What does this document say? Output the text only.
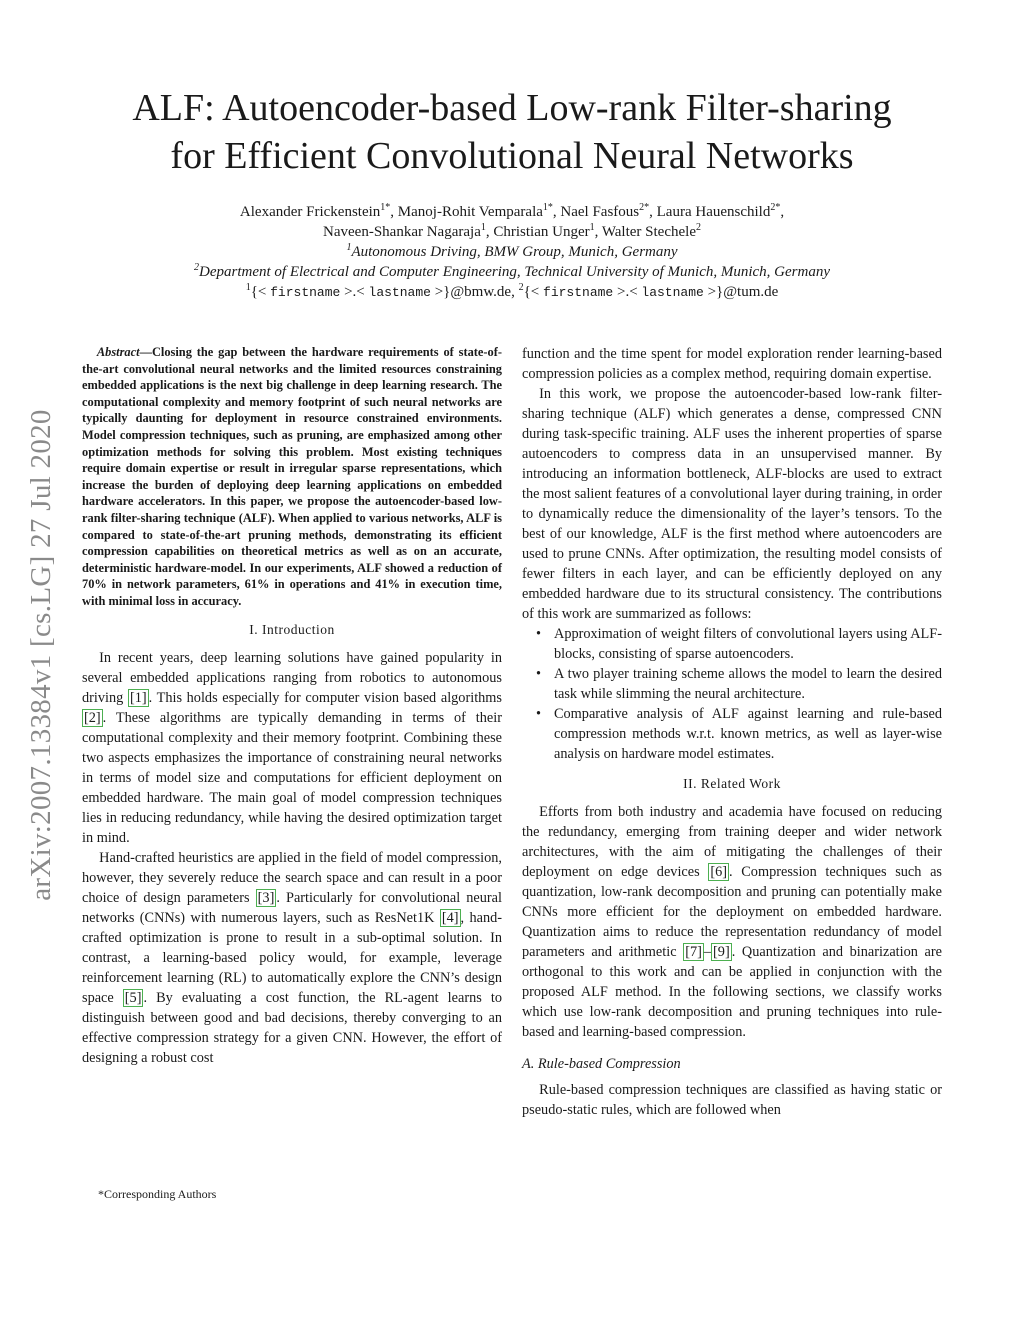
arXiv:2007.13384v1 [cs.LG] 27 Jul 2020
ALF: Autoencoder-based Low-rank Filter-sharing
for Efficient Convolutional Neural Networks
Alexander Frickenstein$^{1*}$, Manoj-Rohit Vemparala$^{1*}$, Nael Fasfous$^{2*}$, Laura Hauenschild$^{2*}$,
Naveen-Shankar Nagaraja$^1$, Christian Unger$^1$, Walter Stechele$^2$
$^1$Autonomous Driving, BMW Group, Munich, Germany
$^2$Department of Electrical and Computer Engineering, Technical University of Munich, Munich, Germany
$^1${< firstname >.< lastname >}@bmw.de, $^2${< firstname >.< lastname >}@tum.de

Abstract—Closing the gap between the hardware requirements of state-of-the-art convolutional neural networks and the limited resources constraining embedded applications is the next big challenge in deep learning research. The computational complexity and memory footprint of such neural networks are typically daunting for deployment in resource constrained environments. Model compression techniques, such as pruning, are emphasized among other optimization methods for solving this problem. Most existing techniques require domain expertise or result in irregular sparse representations, which increase the burden of deploying deep learning applications on embedded hardware accelerators. In this paper, we propose the autoencoder-based low-rank filter-sharing technique (ALF). When applied to various networks, ALF is compared to state-of-the-art pruning methods, demonstrating its efficient compression capabilities on theoretical metrics as well as on an accurate, deterministic hardware-model. In our experiments, ALF showed a reduction of 70% in network parameters, 61% in operations and 41% in execution time, with minimal loss in accuracy.

I. Introduction

In recent years, deep learning solutions have gained popularity in several embedded applications ranging from robotics to autonomous driving [1] . This holds especially for computer vision based algorithms [2] . These algorithms are typically demanding in terms of their computational complexity and their memory footprint. Combining these two aspects emphasizes the importance of constraining neural networks in terms of model size and computations for efficient deployment on embedded hardware. The main goal of model compression techniques lies in reducing redundancy, while having the desired optimization target in mind.

Hand-crafted heuristics are applied in the field of model compression, however, they severely reduce the search space and can result in a poor choice of design parameters [3] . Particularly for convolutional neural networks (CNNs) with numerous layers, such as ResNet1K [4] , hand-crafted optimization is prone to result in a sub-optimal solution. In contrast, a learning-based policy would, for example, leverage reinforcement learning (RL) to automatically explore the CNN’s design space [5] . By evaluating a cost function, the RL-agent learns to distinguish between good and bad decisions, thereby converging to an effective compression strategy for a given CNN. However, the effort of designing a robust cost

function and the time spent for model exploration render learning-based compression policies as a complex method, requiring domain expertise.

In this work, we propose the autoencoder-based low-rank filter-sharing technique (ALF) which generates a dense, compressed CNN during task-specific training. ALF uses the inherent properties of sparse autoencoders to compress data in an unsupervised manner. By introducing an information bottleneck, ALF-blocks are used to extract the most salient features of a convolutional layer during training, in order to dynamically reduce the dimensionality of the layer’s tensors. To the best of our knowledge, ALF is the first method where autoencoders are used to prune CNNs. After optimization, the resulting model consists of fewer filters in each layer, and can be efficiently deployed on any embedded hardware due to its structural consistency. The contributions of this work are summarized as follows:

• Approximation of weight filters of convolutional layers using ALF-blocks, consisting of sparse autoencoders.
• A two player training scheme allows the model to learn the desired task while slimming the neural architecture.
• Comparative analysis of ALF against learning and rule-based compression methods w.r.t. known metrics, as well as layer-wise analysis on hardware model estimates.
II. Related Work

Efforts from both industry and academia have focused on reducing the redundancy, emerging from training deeper and wider network architectures, with the aim of mitigating the challenges of their deployment on edge devices [6] . Compression techniques such as quantization, low-rank decomposition and pruning can potentially make CNNs more efficient for the deployment on embedded hardware. Quantization aims to reduce the representation redundancy of model parameters and arithmetic [7] – [9] . Quantization and binarization are orthogonal to this work and can be applied in conjunction with the proposed ALF method. In the following sections, we classify works which use low-rank decomposition and pruning techniques into rule-based and learning-based compression.

A. Rule-based Compression

Rule-based compression techniques are classified as having static or pseudo-static rules, which are followed when

*Corresponding Authors
